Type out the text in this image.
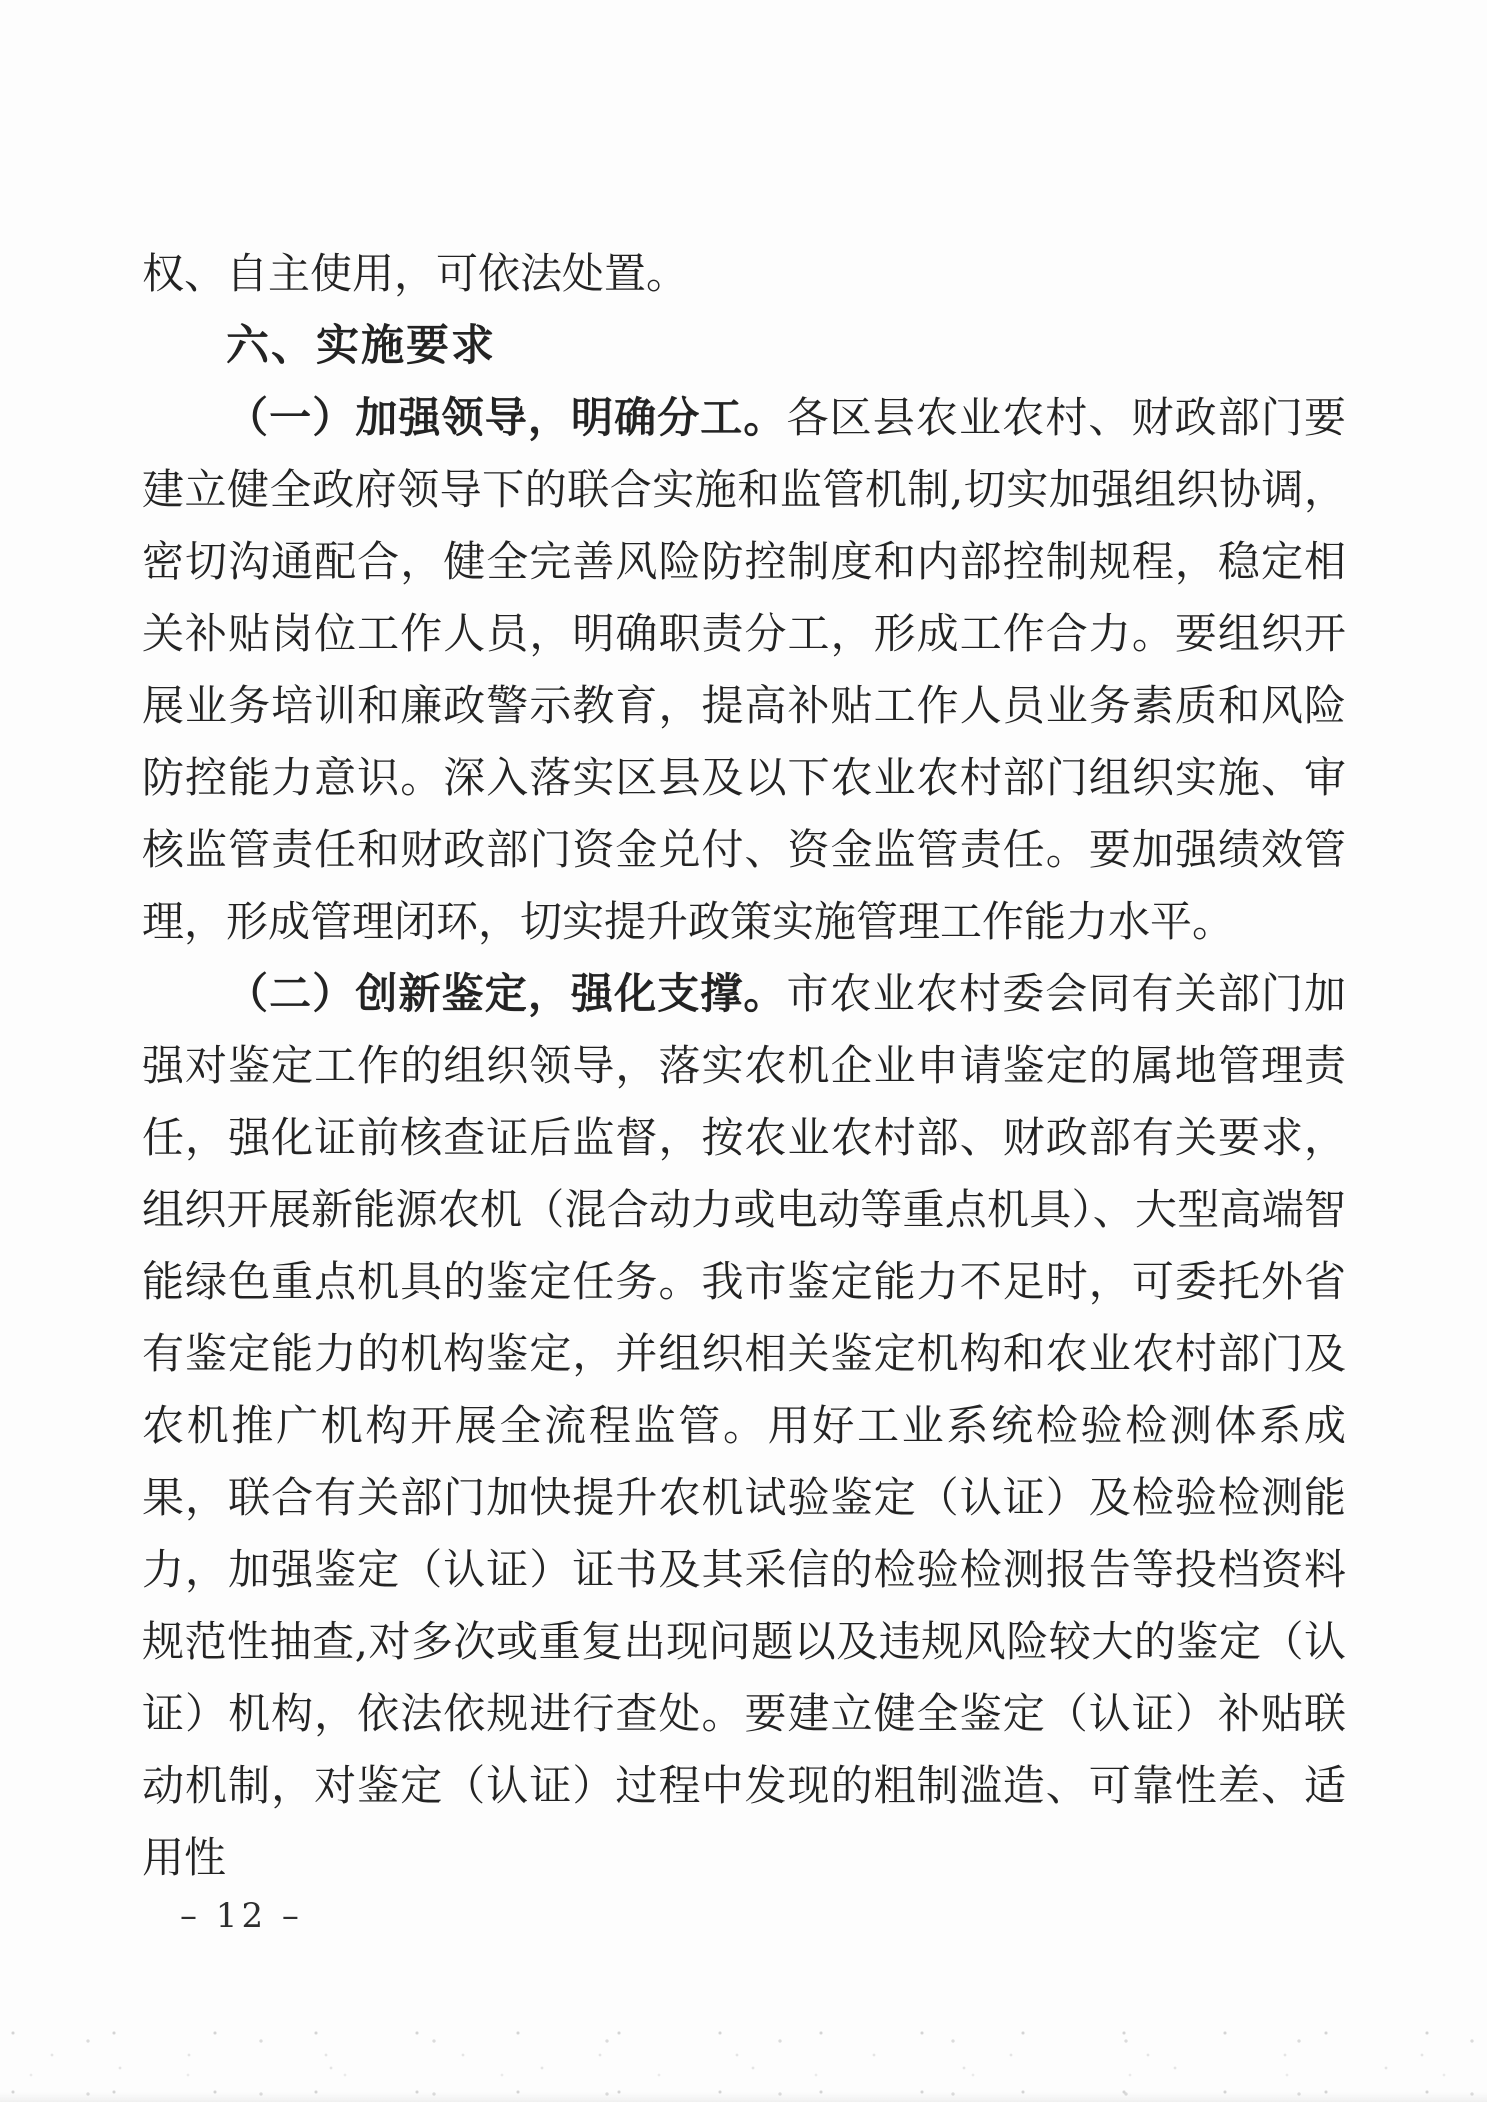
权、自主使用，可依法处置。

六、实施要求

（一）加强领导，明确分工。各区县农业农村、财政部门要建立健全政府领导下的联合实施和监管机制,切实加强组织协调，密切沟通配合，健全完善风险防控制度和内部控制规程，稳定相关补贴岗位工作人员，明确职责分工，形成工作合力。要组织开展业务培训和廉政警示教育，提高补贴工作人员业务素质和风险防控能力意识。深入落实区县及以下农业农村部门组织实施、审核监管责任和财政部门资金兑付、资金监管责任。要加强绩效管理，形成管理闭环，切实提升政策实施管理工作能力水平。

（二）创新鉴定，强化支撑。市农业农村委会同有关部门加强对鉴定工作的组织领导，落实农机企业申请鉴定的属地管理责任，强化证前核查证后监督，按农业农村部、财政部有关要求，组织开展新能源农机（混合动力或电动等重点机具）、大型高端智能绿色重点机具的鉴定任务。我市鉴定能力不足时，可委托外省有鉴定能力的机构鉴定，并组织相关鉴定机构和农业农村部门及农机推广机构开展全流程监管。用好工业系统检验检测体系成果，联合有关部门加快提升农机试验鉴定（认证）及检验检测能力，加强鉴定（认证）证书及其采信的检验检测报告等投档资料规范性抽查,对多次或重复出现问题以及违规风险较大的鉴定（认证）机构，依法依规进行查处。要建立健全鉴定（认证）补贴联动机制，对鉴定（认证）过程中发现的粗制滥造、可靠性差、适用性

– 12 –
